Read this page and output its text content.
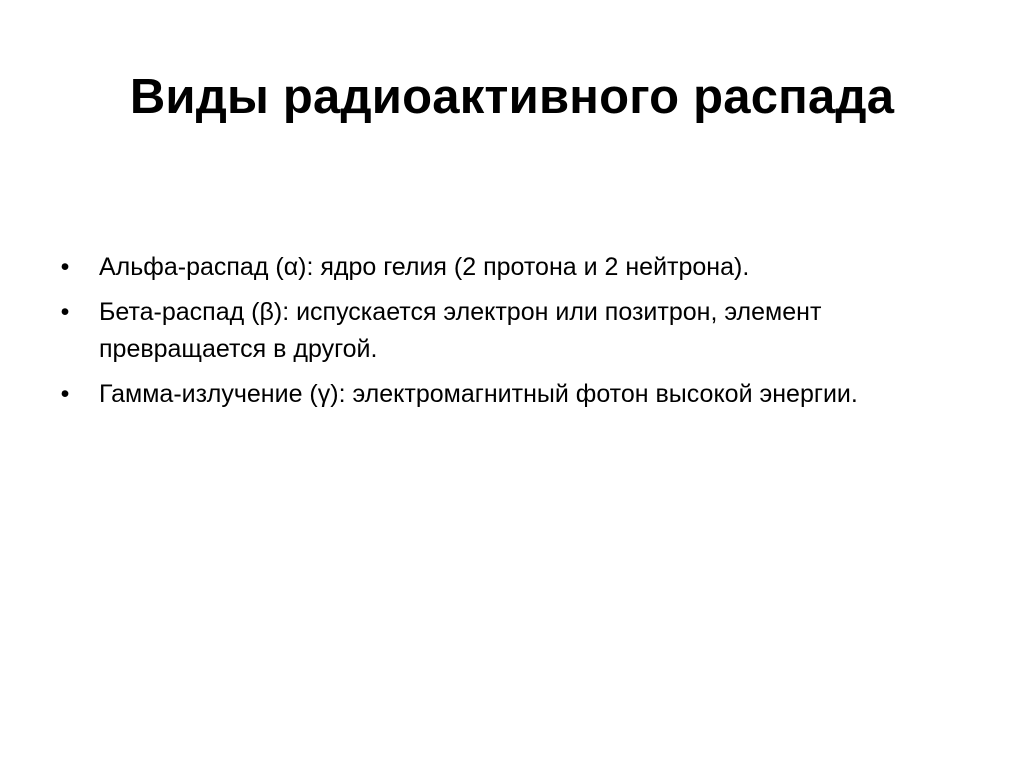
Виды радиоактивного распада
• Альфа-распад (α): ядро гелия (2 протона и 2 нейтрона).
• Бета-распад (β): испускается электрон или позитрон, элемент превращается в другой.
• Гамма-излучение (γ): электромагнитный фотон высокой энергии.
